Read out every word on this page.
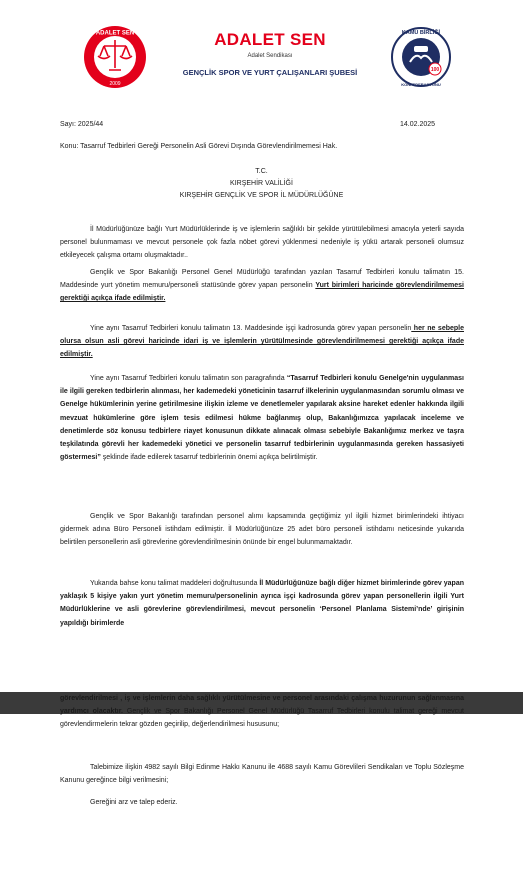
ADALET SEN
2009
ADALET SEN
Adalet Sendikası
GENÇLİK SPOR VE YURT ÇALIŞANLARI ŞUBESİ	100
KAMU BİRLİĞİ
KONFEDERASYONU
Sayı: 2025/44	14.02.2025
Konu: Tasarruf Tedbirleri Gereği Personelin Asli Görevi Dışında Görevlendirilmemesi Hak.
T.C.
KIRŞEHİR VALİLİĞİ
KIRŞEHİR GENÇLİK VE SPOR İL MÜDÜRLÜĞÜNE
İl Müdürlüğünüze bağlı Yurt Müdürlüklerinde iş ve işlemlerin sağlıklı bir şekilde yürütülebilmesi amacıyla yeterli sayıda personel bulunmaması ve mevcut personele çok fazla nöbet görevi yüklenmesi nedeniyle iş yükü artarak personeli olumsuz etkileyecek çalışma ortamı oluşmaktadır..
Gençlik ve Spor Bakanlığı Personel Genel Müdürlüğü tarafından yazılan Tasarruf Tedbirleri konulu talimatın 15. Maddesinde yurt yönetim memuru/personeli statüsünde görev yapan personelin Yurt birimleri haricinde görevlendirilmemesi gerektiği açıkça ifade edilmiştir.
Yine aynı Tasarruf Tedbirleri konulu talimatın 13. Maddesinde işçi kadrosunda görev yapan personelin her ne sebeple olursa olsun asli görevi haricinde idari iş ve işlemlerin yürütülmesinde görevlendirilmemesi gerektiği açıkça ifade edilmiştir.
Yine aynı Tasarruf Tedbirleri konulu talimatın son paragrafında “Tasarruf Tedbirleri konulu Genelge'nin uygulanması ile ilgili gereken tedbirlerin alınması, her kademedeki yöneticinin tasarruf ilkelerinin uygulanmasından sorumlu olması ve Genelge hükümlerinin yerine getirilmesine ilişkin izleme ve denetlemeler yapılarak aksine hareket edenler hakkında ilgili mevzuat hükümlerine göre işlem tesis edilmesi hükme bağlanmış olup, Bakanlığımızca yapılacak inceleme ve denetimlerde söz konusu tedbirlere riayet konusunun dikkate alınacak olması sebebiyle Bakanlığımız merkez ve taşra teşkilatında görevli her kademedeki yönetici ve personelin tasarruf tedbirlerinin uygulanmasında gereken hassasiyeti göstermesi” şeklinde ifade edilerek tasarruf tedbirlerinin önemi açıkça belirtilmiştir.
Gençlik ve Spor Bakanlığı tarafından personel alımı kapsamında geçtiğimiz yıl ilgili hizmet birimlerindeki ihtiyacı gidermek adına Büro Personeli istihdam edilmiştir. İl Müdürlüğünüze 25 adet büro personeli istihdamı neticesinde yukarıda belirtilen personellerin asli görevlerine görevlendirilmesinin önünde bir engel bulunmamaktadır.
Yukarıda bahse konu talimat maddeleri doğrultusunda İl Müdürlüğünüze bağlı diğer hizmet birimlerinde görev yapan yaklaşık 5 kişiye yakın yurt yönetim memuru/personelinin ayrıca işçi kadrosunda görev yapan personellerin ilgili Yurt Müdürlüklerine ve asli görevlerine görevlendirilmesi, mevcut personelin ‘Personel Planlama Sistemi’nde’ girişinin yapıldığı birimlerde
görevlendirilmesi , iş ve işlemlerin daha sağlıklı yürütülmesine ve personel arasındaki çalışma huzurunun sağlanmasına yardımcı olacaktır. Gençlik ve Spor Bakanlığı Personel Genel Müdürlüğü Tasarruf Tedbirleri konulu talimat gereği mevcut görevlendirmelerin tekrar gözden geçirilip, değerlendirilmesi hususunu;
Talebimize ilişkin 4982 sayılı Bilgi Edinme Hakkı Kanunu ile 4688 sayılı Kamu Görevlileri Sendikaları ve Toplu Sözleşme Kanunu gereğince bilgi verilmesini;
Gereğini arz ve talep ederiz.
